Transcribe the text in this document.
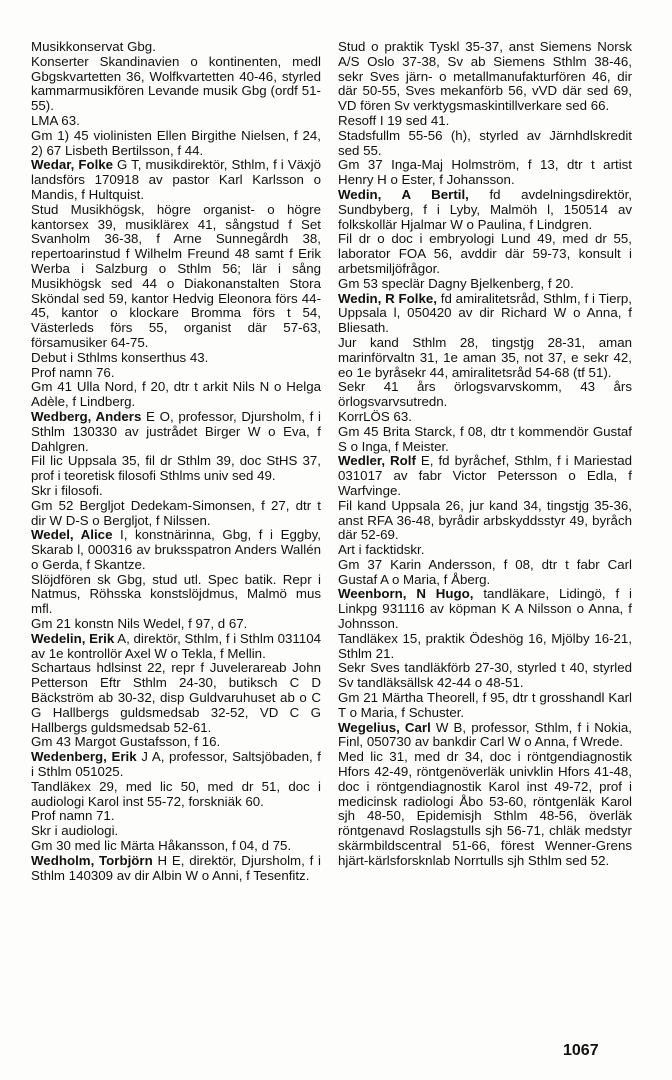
Musikkonservat Gbg.

Konserter Skandinavien o kontinenten, medl Gbgskvartetten 36, Wolfkvartetten 40-46, styrled kammarmusikfören Levande musik Gbg (ordf 51-55).

LMA 63.

Gm 1) 45 violinisten Ellen Birgithe Nielsen, f 24, 2) 67 Lisbeth Bertilsson, f 44.

Wedar, Folke G T, musikdirektör, Sthlm, f i Växjö landsförs 170918 av pastor Karl Karlsson o Mandis, f Hultquist.

Stud Musikhögsk, högre organist- o högre kantorsex 39, musiklärex 41, sångstud f Set Svanholm 36-38, f Arne Sunnegårdh 38, repertoarinstud f Wilhelm Freund 48 samt f Erik Werba i Salzburg o Sthlm 56; lär i sång Musikhögsk sed 44 o Diakonanstalten Stora Sköndal sed 59, kantor Hedvig Eleonora förs 44-45, kantor o klockare Bromma förs t 54, Västerleds förs 55, organist där 57-63, församusiker 64-75.

Debut i Sthlms konserthus 43.

Prof namn 76.

Gm 41 Ulla Nord, f 20, dtr t arkit Nils N o Helga Adèle, f Lindberg.

Wedberg, Anders E O, professor, Djursholm, f i Sthlm 130330 av justrådet Birger W o Eva, f Dahlgren.

Fil lic Uppsala 35, fil dr Sthlm 39, doc StHS 37, prof i teoretisk filosofi Sthlms univ sed 49.

Skr i filosofi.

Gm 52 Bergljot Dedekam-Simonsen, f 27, dtr t dir W D-S o Bergljot, f Nilssen.

Wedel, Alice I, konstnärinna, Gbg, f i Eggby, Skarab l, 000316 av bruksspatron Anders Wallén o Gerda, f Skantze.

Slöjdfören sk Gbg, stud utl. Spec batik. Repr i Natmus, Röhsska konstslöjdmus, Malmö mus mfl.

Gm 21 konstn Nils Wedel, f 97, d 67.

Wedelin, Erik A, direktör, Sthlm, f i Sthlm 031104 av 1e kontrollör Axel W o Tekla, f Mellin.

Schartaus hdlsinst 22, repr f Juvelerareab John Petterson Eftr Sthlm 24-30, butiksch C D Bäckström ab 30-32, disp Guldvaruhuset ab o C G Hallbergs guldsmedsab 32-52, VD C G Hallbergs guldsmedsab 52-61.

Gm 43 Margot Gustafsson, f 16.

Wedenberg, Erik J A, professor, Saltsjöbaden, f i Sthlm 051025.

Tandläkex 29, med lic 50, med dr 51, doc i audiologi Karol inst 55-72, forskniäk 60.

Prof namn 71.

Skr i audiologi.

Gm 30 med lic Märta Håkansson, f 04, d 75.

Wedholm, Torbjörn H E, direktör, Djursholm, f i Sthlm 140309 av dir Albin W o Anni, f Tesenfitz.

Stud o praktik Tyskl 35-37, anst Siemens Norsk A/S Oslo 37-38, Sv ab Siemens Sthlm 38-46, sekr Sves järn- o metallmanufakturfören 46, dir där 50-55, Sves mekanförb 56, vVD där sed 69, VD fören Sv verktygsmaskintillverkare sed 66.

Resoff I 19 sed 41.

Stadsfullm 55-56 (h), styrled av Järnhdlskredit sed 55.

Gm 37 Inga-Maj Holmström, f 13, dtr t artist Henry H o Ester, f Johansson.

Wedin, A Bertil, fd avdelningsdirektör, Sundbyberg, f i Lyby, Malmöh l, 150514 av folkskollär Hjalmar W o Paulina, f Lindgren.

Fil dr o doc i embryologi Lund 49, med dr 55, laborator FOA 56, avddir där 59-73, konsult i arbetsmiljöfrågor.

Gm 53 speclär Dagny Bjelkenberg, f 20.

Wedin, R Folke, fd amiralitetsråd, Sthlm, f i Tierp, Uppsala l, 050420 av dir Richard W o Anna, f Bliesath.

Jur kand Sthlm 28, tingstjg 28-31, aman marinförvaltn 31, 1e aman 35, not 37, e sekr 42, eo 1e byråsekr 44, amiralitetsråd 54-68 (tf 51).

Sekr 41 års örlogsvarvskomm, 43 års örlogsvarvsutredn.

KorrLÖS 63.

Gm 45 Brita Starck, f 08, dtr t kommendör Gustaf S o Inga, f Meister.

Wedler, Rolf E, fd byråchef, Sthlm, f i Mariestad 031017 av fabr Victor Petersson o Edla, f Warfvinge.

Fil kand Uppsala 26, jur kand 34, tingstjg 35-36, anst RFA 36-48, byrådir arbskyddsstyr 49, byråch där 52-69.

Art i facktidskr.

Gm 37 Karin Andersson, f 08, dtr t fabr Carl Gustaf A o Maria, f Åberg.

Weenborn, N Hugo, tandläkare, Lidingö, f i Linkpg 931116 av köpman K A Nilsson o Anna, f Johnsson.

Tandläkex 15, praktik Ödeshög 16, Mjölby 16-21, Sthlm 21.

Sekr Sves tandläkförb 27-30, styrled t 40, styrled Sv tandläksällsk 42-44 o 48-51.

Gm 21 Märtha Theorell, f 95, dtr t grosshandl Karl T o Maria, f Schuster.

Wegelius, Carl W B, professor, Sthlm, f i Nokia, Finl, 050730 av bankdir Carl W o Anna, f Wrede.

Med lic 31, med dr 34, doc i röntgendiagnostik Hfors 42-49, röntgenöverläk univklin Hfors 41-48, doc i röntgendiagnostik Karol inst 49-72, prof i medicinsk radiologi Åbo 53-60, röntgenläk Karol sjh 48-50, Epidemisjh Sthlm 48-56, överläk röntgenavd Roslagstulls sjh 56-71, chläk medstyr skärmbildscentral 51-66, förest Wenner-Grens hjärt-kärlsforsknlab Norrtulls sjh Sthlm sed 52.

1067
